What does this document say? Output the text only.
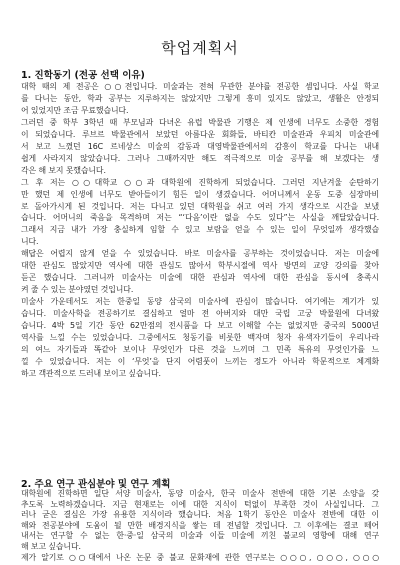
학업계획서
1. 진학동기 (전공 선택 이유)
대학 때의 제 전공은 ○○전입니다. 미술과는 전혀 무관한 분야를 전공한 셈입니다. 사실 학교
를 다니는 동안, 학과 공부는 지루하지는 않았지만 그렇게 흥미 있지도 않았고, 생활은 안정되
어 있었지만 조금 무료했습니다.
그러던 중 학부 3학년 때 부모님과 다녀온 유럽 박물관 기행은 제 인생에 너무도 소중한 경험
이 되었습니다. 루브르 박물관에서 보았던 아름다운 회화들, 바티칸 미술관과 우피치 미술관에
서 보고 느꼈던 16C 르네상스 미술의 감동과 대영박물관에서의 감흥이 학교를 다니는 내내
쉽게 사라지지 않았습니다. 그러나 그때까지만 해도 적극적으로 미술 공부를 해 보겠다는 생
각은 해 보지 못했습니다.
그 후 저는 ○○대학교 ○○과 대학원에 진학하게 되었습니다. 그러던 지난겨울 순탄하기
만 했던 제 인생에 너무도 받아들이기 힘든 일이 생겼습니다. 어머니께서 운동 도중 심장마비
로 돌아가시게 된 것입니다. 저는 다니고 있던 대학원을 쉬고 여러 가지 생각으로 시간을 보냈
습니다. 어머니의 죽음을 목격하며 저는 “‘다음’이란 없을 수도 있다”는 사실을 깨달았습니다.
그래서 지금 내가 가장 충실하게 임할 수 있고 보람을 얻을 수 있는 일이 무엇일까 생각했습
니다.
해답은 어렵지 않게 얻을 수 있었습니다. 바로 미술사를 공부하는 것이었습니다. 저는 미술에
대한 관심도 많았지만 역사에 대한 관심도 많아서 학부시절에 역사 방면의 교양 강의를 찾아
듣곤 했습니다. 그러니까 미술사는 미술에 대한 관심과 역사에 대한 관심을 동시에 충족시
켜 줄 수 있는 분야였던 것입니다.
미술사 가운데서도 저는 한중일 동양 삼국의 미술사에 관심이 많습니다. 여기에는 계기가 있
습니다. 미술사학을 전공하기로 결심하고 얼마 전 아버지와 대만 국립 고궁 박물원에 다녀왔
습니다. 4박 5일 기간 동안 62만점의 전시품을 다 보고 이해할 수는 없었지만 중국의 5000년
역사를 느낄 수는 있었습니다. 그중에서도 청동기를 비롯한 백자며 청자 유색자기들이 우리나라
의 여느 자기들과 똑같아 보이나 무엇인가 다른 것을 느끼며 그 민족 특유의 무엇인가를 느
낄 수 있었습니다. 저는 이 ‘무엇’을 단지 어렴풋이 느끼는 정도가 아니라 학문적으로 체계화
하고 객관적으로 드러내 보이고 싶습니다.
2. 주요 연구 관심분야 및 연구 계획
대학원에 진학하면 일단 서양 미술사, 동양 미술사, 한국 미술사 전반에 대한 기본 소양을 갖
추도록 노력하겠습니다. 지금 현재로는 이에 대한 지식이 턱없이 부족한 것이 사실입니다. 그
러나 굳은 결심은 가장 유용한 지식이라 했습니다. 처음 1학기 동안은 미술사 전반에 대한 이
해와 전공분야에 도움이 될 만한 배경지식을 쌓는 데 전념할 것입니다. 그 이후에는 결코 떼어
내서는 연구할 수 없는 한·중·일 삼국의 미술과 이들 미술에 끼친 불교의 영향에 대해 연구
해 보고 싶습니다.
제가 알기로 ○○대에서 나온 논문 중 불교 문화재에 관한 연구로는 ○○○, ○○○, ○○○
